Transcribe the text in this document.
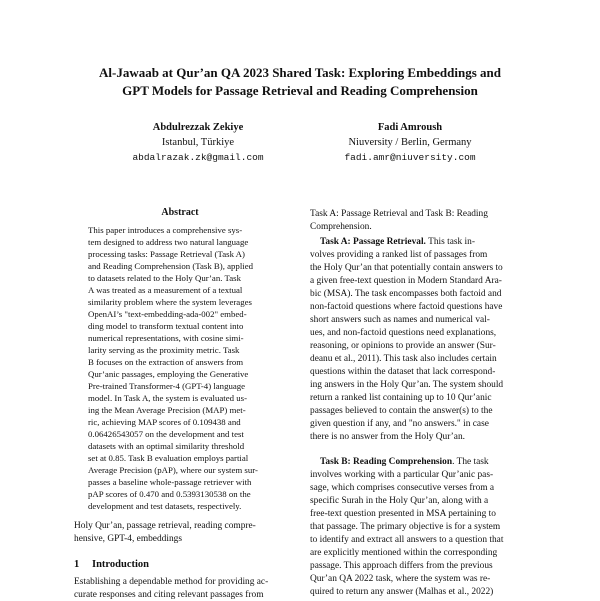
Al-Jawaab at Qur’an QA 2023 Shared Task: Exploring Embeddings and
GPT Models for Passage Retrieval and Reading Comprehension
Abdulrezzak Zekiye
Istanbul, Türkiye
abdalrazak.zk@gmail.com
Fadi Amroush
Niuversity / Berlin, Germany
fadi.amr@niuversity.com
Abstract
This paper introduces a comprehensive sys-
tem designed to address two natural language
processing tasks: Passage Retrieval (Task A)
and Reading Comprehension (Task B), applied
to datasets related to the Holy Qur’an. Task
A was treated as a measurement of a textual
similarity problem where the system leverages
OpenAI’s "text-embedding-ada-002" embed-
ding model to transform textual content into
numerical representations, with cosine simi-
larity serving as the proximity metric. Task
B focuses on the extraction of answers from
Qur’anic passages, employing the Generative
Pre-trained Transformer-4 (GPT-4) language
model. In Task A, the system is evaluated us-
ing the Mean Average Precision (MAP) met-
ric, achieving MAP scores of 0.109438 and
0.06426543057 on the development and test
datasets with an optimal similarity threshold
set at 0.85. Task B evaluation employs partial
Average Precision (pAP), where our system sur-
passes a baseline whole-passage retriever with
pAP scores of 0.470 and 0.5393130538 on the
development and test datasets, respectively.
Holy Qur’an, passage retrieval, reading compre-
hensive, GPT-4, embeddings
1 Introduction
Establishing a dependable method for providing ac-
curate responses and citing relevant passages from
Task A: Passage Retrieval and Task B: Reading
Comprehension.
Task A: Passage Retrieval. This task in-
volves providing a ranked list of passages from
the Holy Qur’an that potentially contain answers to
a given free-text question in Modern Standard Ara-
bic (MSA). The task encompasses both factoid and
non-factoid questions where factoid questions have
short answers such as names and numerical val-
ues, and non-factoid questions need explanations,
reasoning, or opinions to provide an answer (Sur-
deanu et al., 2011). This task also includes certain
questions within the dataset that lack correspond-
ing answers in the Holy Qur’an. The system should
return a ranked list containing up to 10 Qur’anic
passages believed to contain the answer(s) to the
given question if any, and "no answers." in case
there is no answer from the Holy Qur’an.
Task B: Reading Comprehension. The task
involves working with a particular Qur’anic pas-
sage, which comprises consecutive verses from a
specific Surah in the Holy Qur’an, along with a
free-text question presented in MSA pertaining to
that passage. The primary objective is for a system
to identify and extract all answers to a question that
are explicitly mentioned within the corresponding
passage. This approach differs from the previous
Qur’an QA 2022 task, where the system was re-
quired to return any answer (Malhas et al., 2022)
